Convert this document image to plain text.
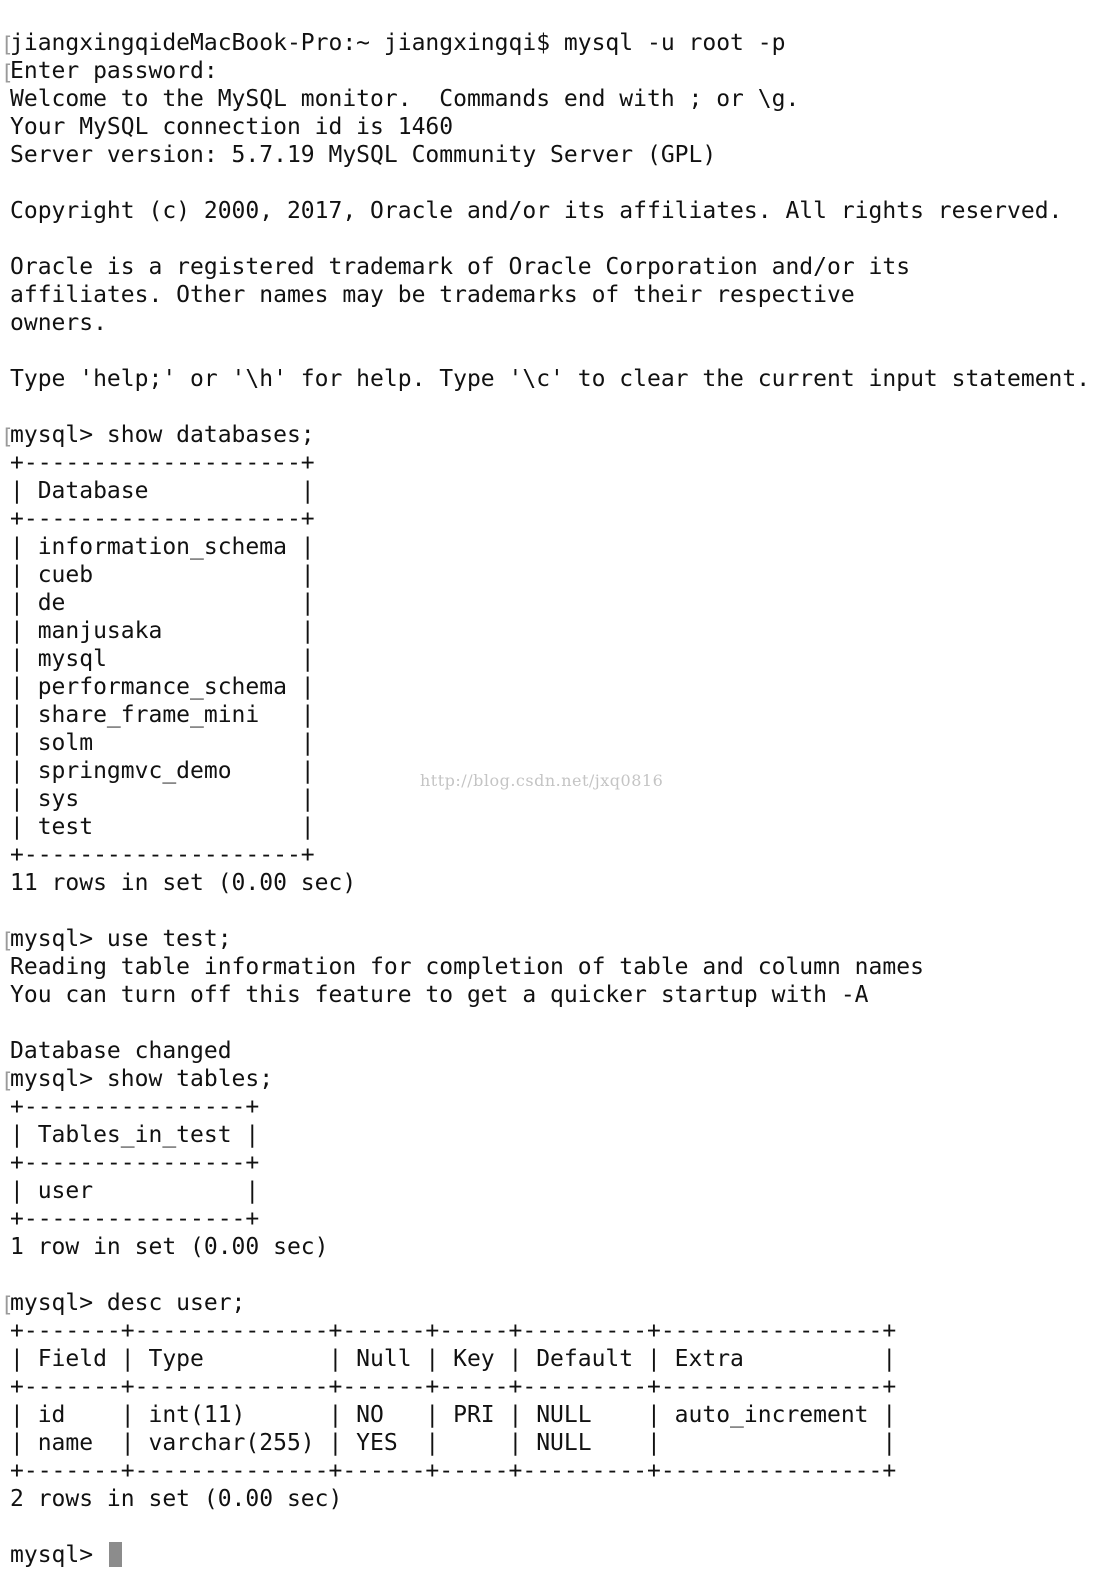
[
jiangxingqideMacBook-Pro:~ jiangxingqi$ mysql -u root -p
[
Enter password:
Welcome to the MySQL monitor.  Commands end with ; or \g.
Your MySQL connection id is 1460
Server version: 5.7.19 MySQL Community Server (GPL)
Copyright (c) 2000, 2017, Oracle and/or its affiliates. All rights reserved.
Oracle is a registered trademark of Oracle Corporation and/or its
affiliates. Other names may be trademarks of their respective
owners.
Type 'help;' or '\h' for help. Type '\c' to clear the current input statement.
[
mysql> show databases;
+--------------------+
| Database           |
+--------------------+
| information_schema |
| cueb               |
| de                 |
| manjusaka          |
| mysql              |
| performance_schema |
| share_frame_mini   |
| solm               |
| springmvc_demo     |
| sys                |
| test               |
+--------------------+
11 rows in set (0.00 sec)
[
mysql> use test;
Reading table information for completion of table and column names
You can turn off this feature to get a quicker startup with -A
Database changed
[
mysql> show tables;
+----------------+
| Tables_in_test |
+----------------+
| user           |
+----------------+
1 row in set (0.00 sec)
[
mysql> desc user;
+-------+--------------+------+-----+---------+----------------+
| Field | Type         | Null | Key | Default | Extra          |
+-------+--------------+------+-----+---------+----------------+
| id    | int(11)      | NO   | PRI | NULL    | auto_increment |
| name  | varchar(255) | YES  |     | NULL    |                |
+-------+--------------+------+-----+---------+----------------+
2 rows in set (0.00 sec)
mysql>
http://blog.csdn.net/jxq0816
